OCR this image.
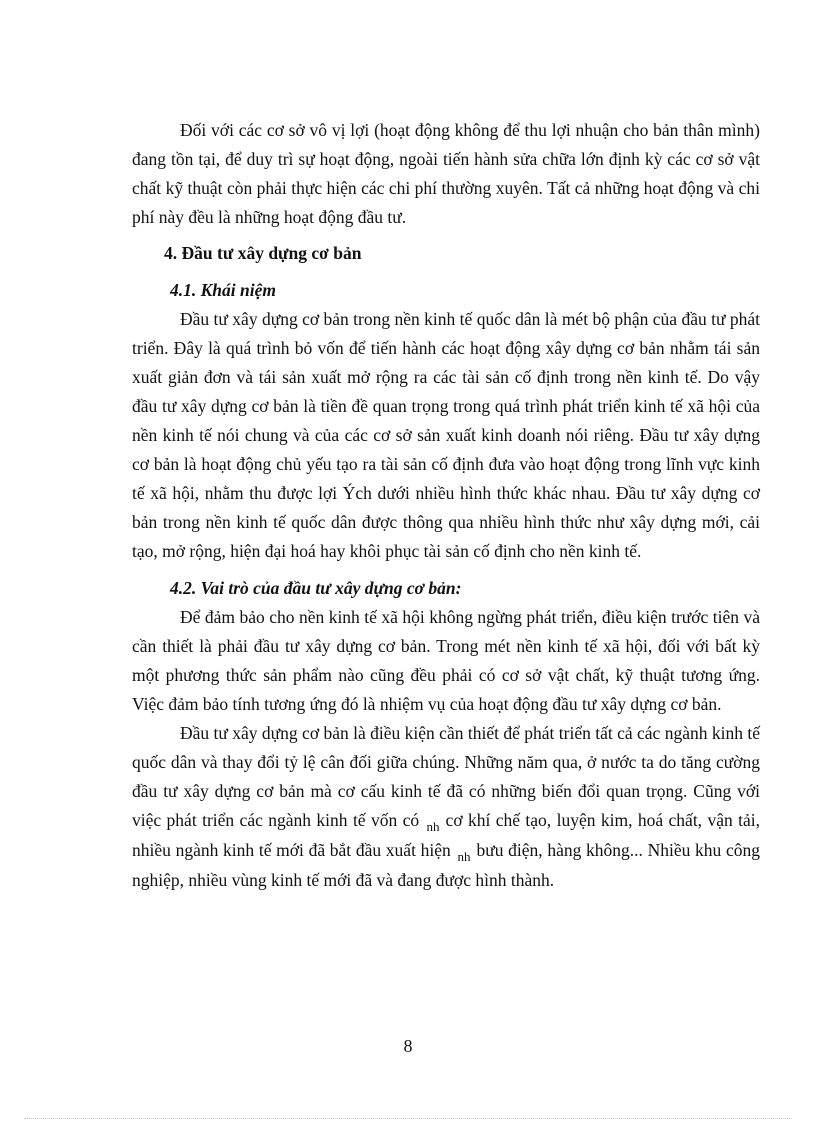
Đối với các cơ sở vô vị lợi (hoạt động không để thu lợi nhuận cho bản thân mình) đang tồn tại, để duy trì sự hoạt động, ngoài tiến hành sửa chữa lớn định kỳ các cơ sở vật chất kỹ thuật còn phải thực hiện các chi phí thường xuyên. Tất cả những hoạt động và chi phí này đều là những hoạt động đầu tư.

4. Đầu tư xây dựng cơ bản
4.1. Khái niệm

Đầu tư xây dựng cơ bản trong nền kinh tế quốc dân là mét bộ phận của đầu tư phát triển. Đây là quá trình bỏ vốn để tiến hành các hoạt động xây dựng cơ bản nhằm tái sản xuất giản đơn và tái sản xuất mở rộng ra các tài sản cố định trong nền kinh tế. Do vậy đầu tư xây dựng cơ bản là tiền đề quan trọng trong quá trình phát triển kinh tế xã hội của nền kinh tế nói chung và của các cơ sở sản xuất kinh doanh nói riêng. Đầu tư xây dựng cơ bản là hoạt động chủ yếu tạo ra tài sản cố định đưa vào hoạt động trong lĩnh vực kinh tế xã hội, nhằm thu được lợi Ých dưới nhiều hình thức khác nhau. Đầu tư xây dựng cơ bản trong nền kinh tế quốc dân được thông qua nhiều hình thức như xây dựng mới, cải tạo, mở rộng, hiện đại hoá hay khôi phục tài sản cố định cho nền kinh tế.

4.2. Vai trò của đầu tư xây dựng cơ bản:

Để đảm bảo cho nền kinh tế xã hội không ngừng phát triển, điều kiện trước tiên và cần thiết là phải đầu tư xây dựng cơ bản. Trong mét nền kinh tế xã hội, đối với bất kỳ một phương thức sản phẩm nào cũng đều phải có cơ sở vật chất, kỹ thuật tương ứng. Việc đảm bảo tính tương ứng đó là nhiệm vụ của hoạt động đầu tư xây dựng cơ bản.

Đầu tư xây dựng cơ bản là điều kiện cần thiết để phát triển tất cả các ngành kinh tế quốc dân và thay đổi tỷ lệ cân đối giữa chúng. Những năm qua, ở nước ta do tăng cường đầu tư xây dựng cơ bản mà cơ cấu kinh tế đã có những biến đổi quan trọng. Cũng với việc phát triển các ngành kinh tế vốn có $_{nh}$ cơ khí chế tạo, luyện kim, hoá chất, vận tải, nhiều ngành kinh tế mới đã bắt đầu xuất hiện $_{nh}$ bưu điện, hàng không... Nhiều khu công nghiệp, nhiều vùng kinh tế mới đã và đang được hình thành.

8
